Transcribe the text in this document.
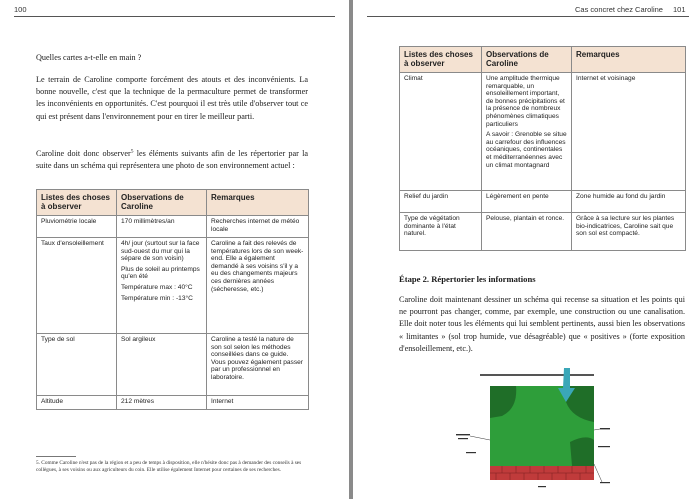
100
Quelles cartes a-t-elle en main ?
Le terrain de Caroline comporte forcément des atouts et des inconvénients. La bonne nouvelle, c'est que la technique de la permaculture permet de transformer les inconvénients en opportunités. C'est pourquoi il est très utile d'observer tout ce qui est présent dans l'environnement pour en tirer le meilleur parti.
Caroline doit donc observer$^5$ les éléments suivants afin de les répertorier par la suite dans un schéma qui représentera une photo de son environnement actuel :
Listes des choses à observer	Observations de Caroline	Remarques
Pluviométrie locale	170 millimètres/an	Recherches internet de météo locale
Taux d'ensoleillement	4h/ jour (surtout sur la face sud-ouest du mur qui la sépare de son voisin)
Plus de soleil au printemps qu'en été
Température max : 40°C
Température min : -13°C	Caroline a fait des relevés de températures lors de son week-end. Elle a également demandé à ses voisins s'il y a eu des changements majeurs ces dernières années (sécheresse, etc.)
Type de sol	Sol argileux	Caroline a testé la nature de son sol selon les méthodes conseillées dans ce guide. Vous pouvez également passer par un professionnel en laboratoire.
Altitude	212 mètres	Internet
5. Comme Caroline n'est pas de la région et a peu de temps à disposition, elle n'hésite donc pas à demander des conseils à ses collègues, à ses voisins ou aux agriculteurs du coin. Elle utilise également Internet pour certaines de ses recherches.
Cas concret chez Caroline 101
Listes des choses à observer	Observations de Caroline	Remarques
Climat	Une amplitude thermique remarquable, un ensoleillement important, de bonnes précipitations et la présence de nombreux phénomènes climatiques particuliers
A savoir : Grenoble se situe au carrefour des influences océaniques, continentales et méditerranéennes avec un climat montagnard	Internet et voisinage
Relief du jardin	Légèrement en pente	Zone humide au fond du jardin
Type de végétation dominante à l'état naturel.	Pelouse, plantain et ronce.	Grâce à sa lecture sur les plantes bio-indicatrices, Caroline sait que son sol est compacté.
Étape 2. Répertorier les informations
Caroline doit maintenant dessiner un schéma qui recense sa situation et les points qui ne pourront pas changer, comme, par exemple, une construction ou une canalisation. Elle doit noter tous les éléments qui lui semblent pertinents, aussi bien les observations « limitantes » (sol trop humide, vue désagréable) que « positives » (forte exposition d'ensoleillement, etc.).
